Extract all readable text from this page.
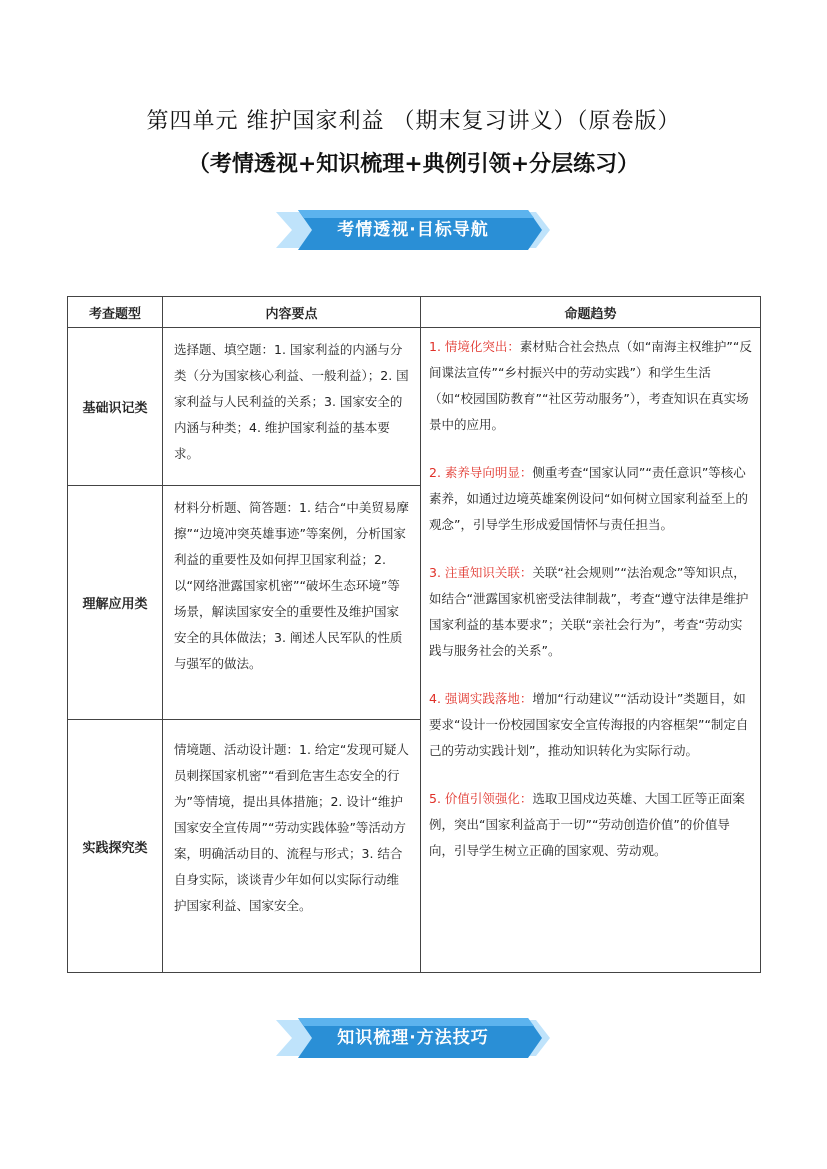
第四单元 维护国家利益 （期末复习讲义）（原卷版）
（考情透视+知识梳理+典例引领+分层练习）
考情透视·目标导航
考查题型	内容要点	命题趋势
基础识记类	选择题、填空题：1. 国家利益的内涵与分类（分为国家核心利益、一般利益）；2. 国家利益与人民利益的关系；3. 国家安全的内涵与种类；4. 维护国家利益的基本要求。	1. 情境化突出：素材贴合社会热点（如“南海主权维护”“反间谍法宣传”“乡村振兴中的劳动实践”）和学生生活（如“校园国防教育”“社区劳动服务”），考查知识在真实场景中的应用。
2. 素养导向明显：侧重考查“国家认同”“责任意识”等核心素养，如通过边境英雄案例设问“如何树立国家利益至上的观念”，引导学生形成爱国情怀与责任担当。
3. 注重知识关联：关联“社会规则”“法治观念”等知识点，如结合“泄露国家机密受法律制裁”，考查“遵守法律是维护国家利益的基本要求”；关联“亲社会行为”，考查“劳动实践与服务社会的关系”。
4. 强调实践落地：增加“行动建议”“活动设计”类题目，如要求“设计一份校园国家安全宣传海报的内容框架”“制定自己的劳动实践计划”，推动知识转化为实际行动。
5. 价值引领强化：选取卫国戍边英雄、大国工匠等正面案例，突出“国家利益高于一切”“劳动创造价值”的价值导向，引导学生树立正确的国家观、劳动观。

理解应用类	材料分析题、简答题：1. 结合“中美贸易摩擦”“边境冲突英雄事迹”等案例，分析国家利益的重要性及如何捍卫国家利益；2. 以“网络泄露国家机密”“破坏生态环境”等场景，解读国家安全的重要性及维护国家安全的具体做法；3. 阐述人民军队的性质与强军的做法。	

实践探究类	情境题、活动设计题：1. 给定“发现可疑人员刺探国家机密”“看到危害生态安全的行为”等情境，提出具体措施；2. 设计“维护国家安全宣传周”“劳动实践体验”等活动方案，明确活动目的、流程与形式；3. 结合自身实际，谈谈青少年如何以实际行动维护国家利益、国家安全。	
知识梳理·方法技巧
